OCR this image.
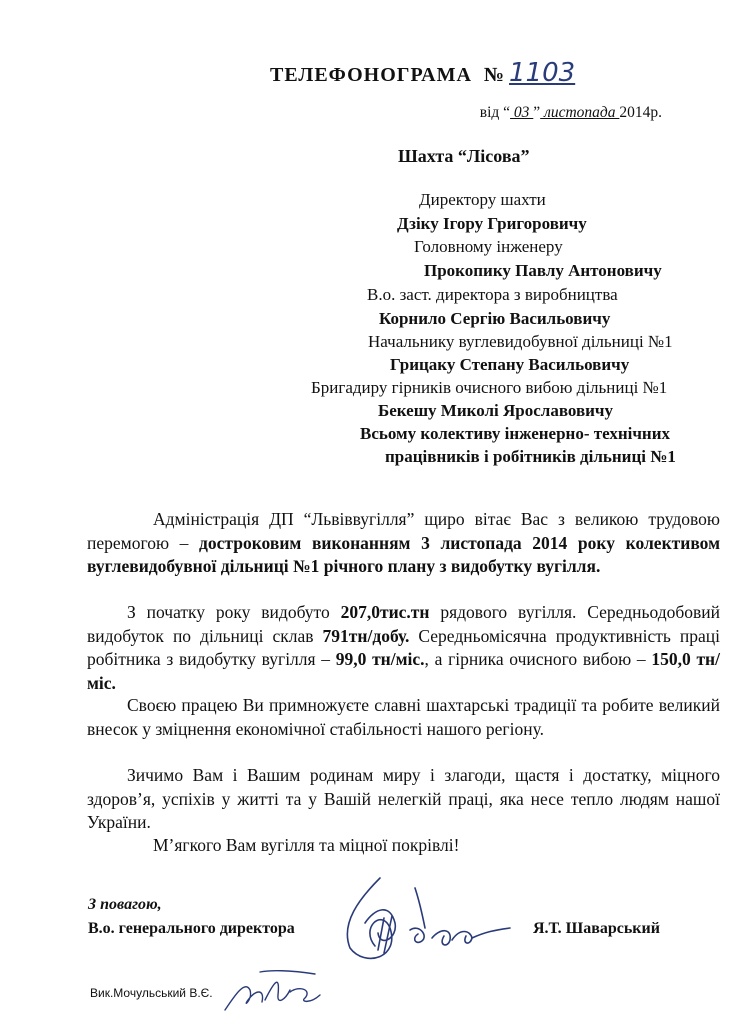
ТЕЛЕФОНОГРАМА № 1103
від “ 03 ” листопада 2014р.
Шахта “Лісова”
Директору шахти
Дзіку Ігору Григоровичу
Головному інженеру
Прокопику Павлу Антоновичу
В.о. заст. директора з виробництва
Корнило Сергію Васильовичу
Начальнику вуглевидобувної дільниці №1
Грицаку Степану Васильовичу
Бригадиру гірників очисного вибою дільниці №1
Бекешу Миколі Ярославовичу
Всьому колективу інженерно- технічних
працівників і робітників дільниці №1

Адміністрація ДП “Львіввугілля” щиро вітає Вас з великою трудовою перемогою – достроковим виконанням 3 листопада 2014 року колективом вуглевидобувної дільниці №1 річного плану з видобутку вугілля.

З початку року видобуто 207,0тис.тн рядового вугілля. Середньодобовий видобуток по дільниці склав 791тн/добу. Середньомісячна продуктивність праці робітника з видобутку вугілля – 99,0 тн/міс., а гірника очисного вибою – 150,0 тн/міс.

Своєю працею Ви примножуєте славні шахтарські традиції та робите великий внесок у зміцнення економічної стабільності нашого регіону.

Зичимо Вам і Вашим родинам миру і злагоди, щастя і достатку, міцного здоров’я, успіхів у житті та у Вашій нелегкій праці, яка несе тепло людям нашої України.

М’ягкого Вам вугілля та міцної покрівлі!

З повагою,
В.о. генерального директора	Я.Т. Шаварський
Вик.Мочульський В.Є.
